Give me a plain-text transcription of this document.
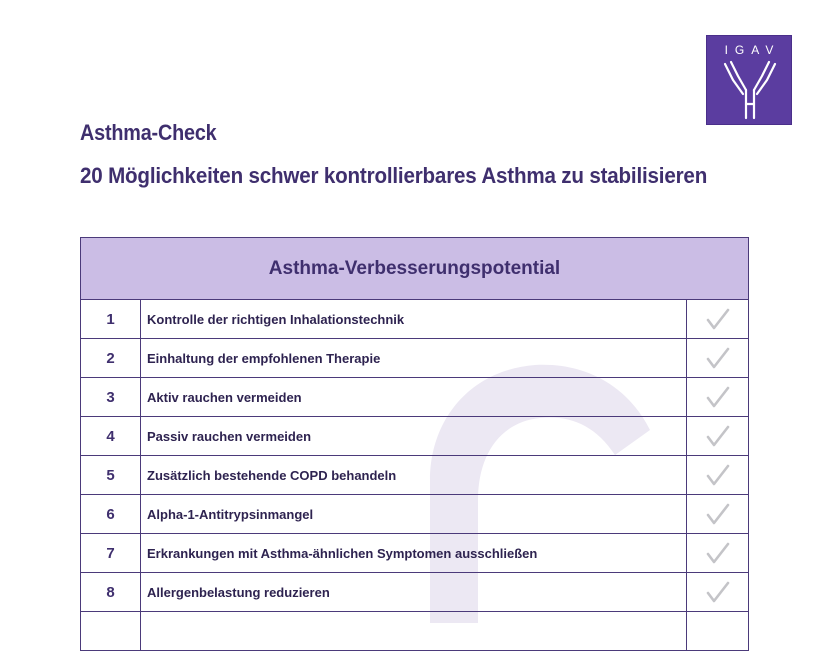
IGAV
Asthma-Check
20 Möglichkeiten schwer kontrollierbares Asthma zu stabilisieren
Asthma-Verbesserungspotential		
1	Kontrolle der richtigen Inhalationstechnik	
2	Einhaltung der empfohlenen Therapie	
3	Aktiv rauchen vermeiden	
4	Passiv rauchen vermeiden	
5	Zusätzlich bestehende COPD behandeln	
6	Alpha-1-Antitrypsinmangel	
7	Erkrankungen mit Asthma-ähnlichen Symptomen ausschließen	
8	Allergenbelastung reduzieren	
